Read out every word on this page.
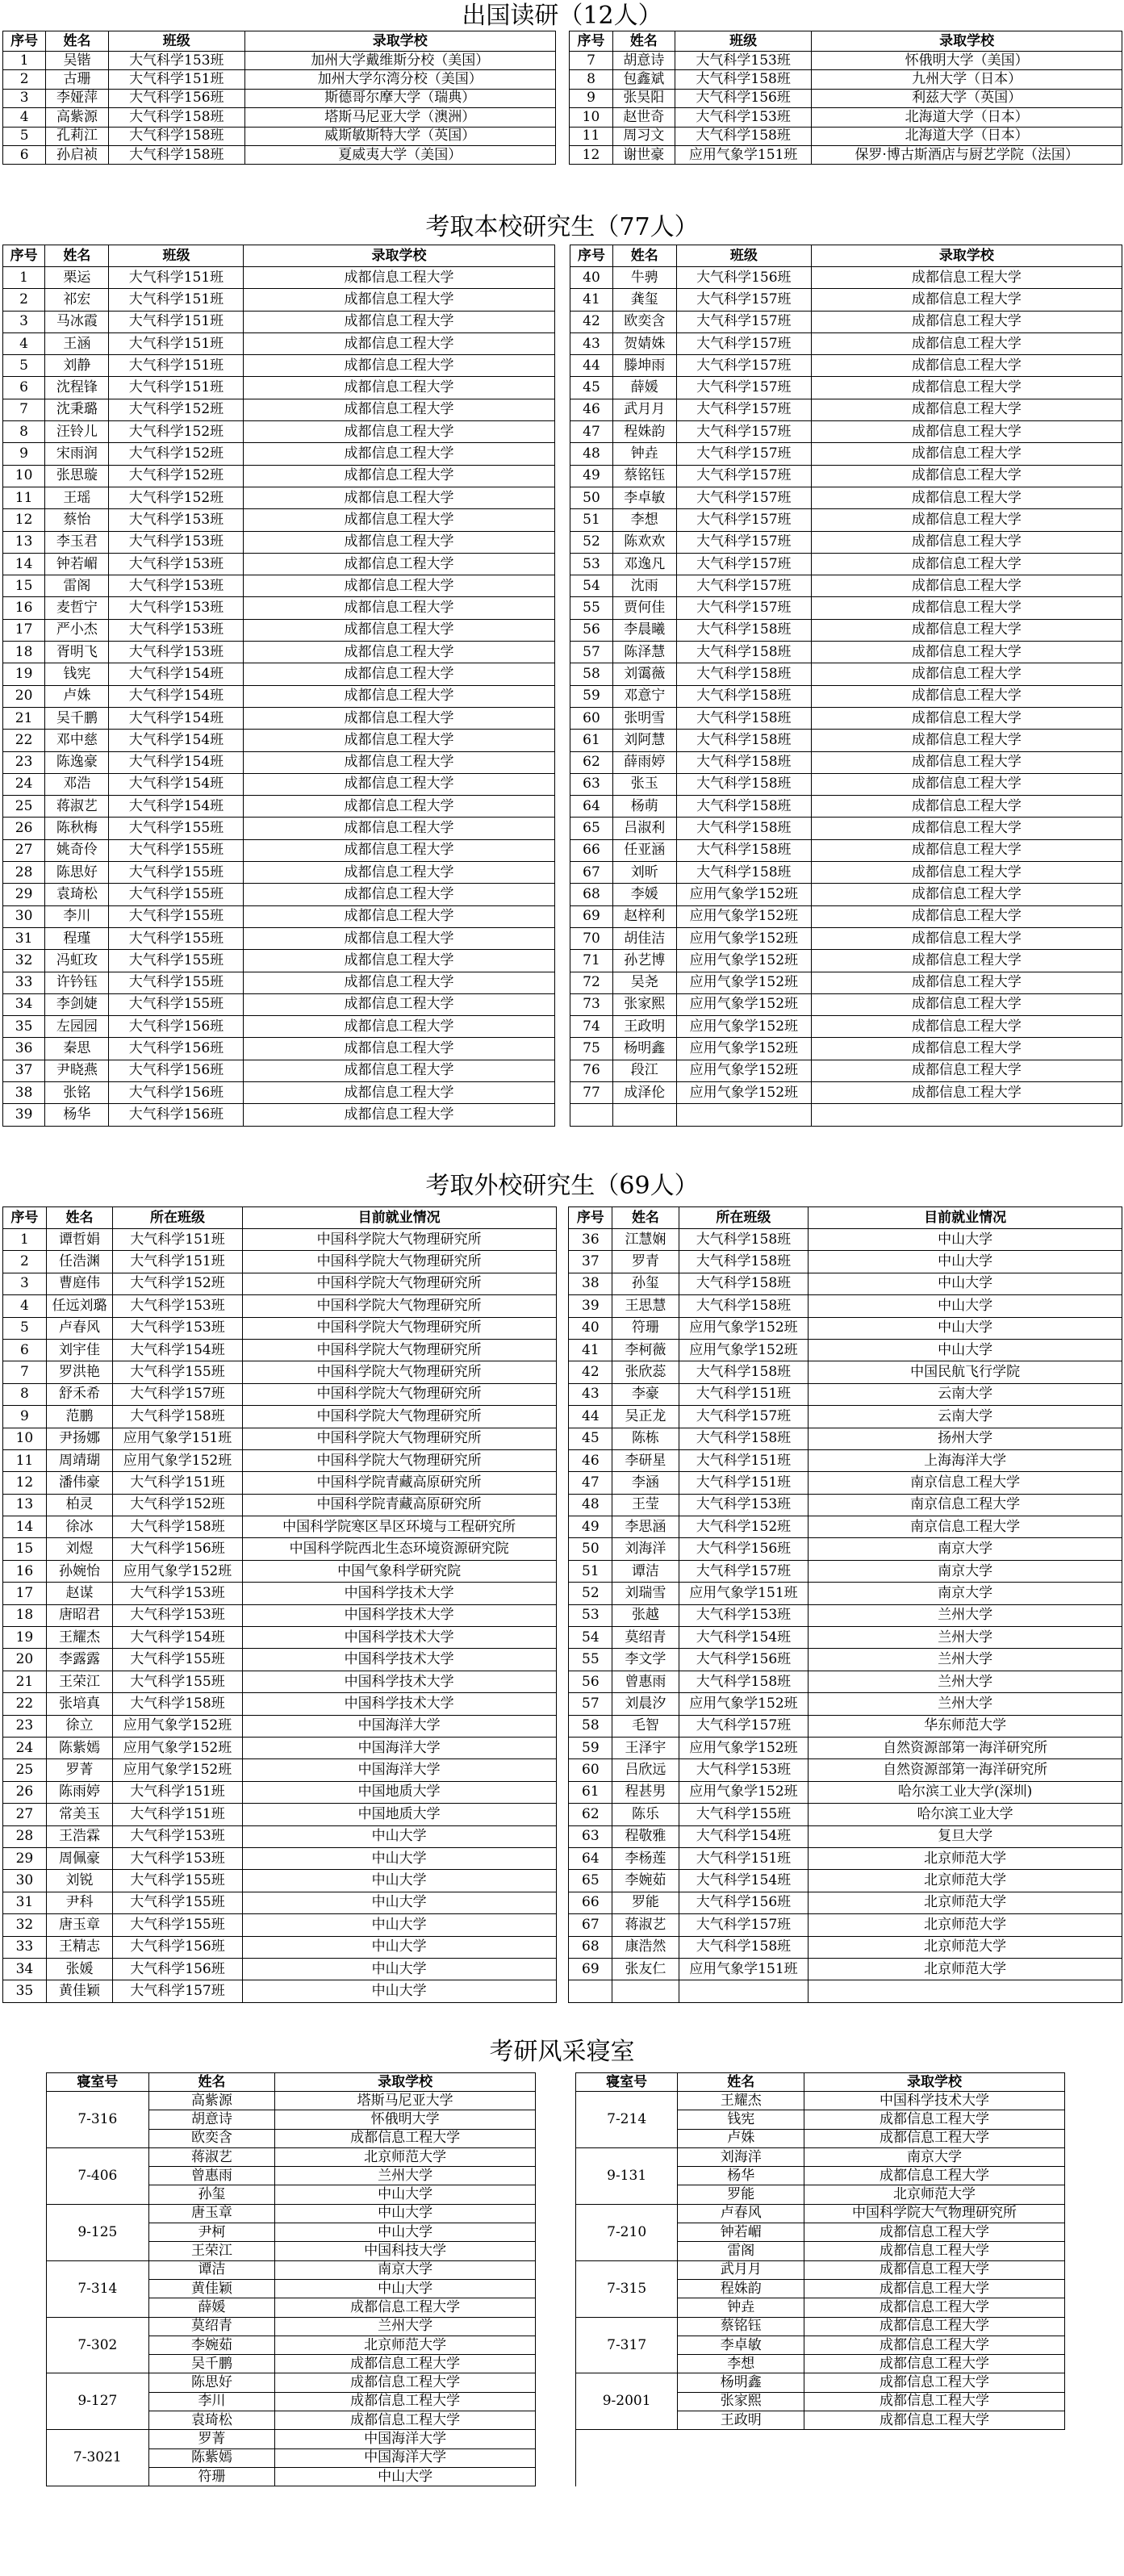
出国读研（12人）
序号	姓名	班级	录取学校		序号	姓名	班级	录取学校
1	吴锴	大气科学153班	加州大学戴维斯分校（美国）		7	胡意诗	大气科学153班	怀俄明大学（美国）
2	古珊	大气科学151班	加州大学尔湾分校（美国）		8	包鑫斌	大气科学158班	九州大学（日本）
3	李娅萍	大气科学156班	斯德哥尔摩大学（瑞典）		9	张昊阳	大气科学156班	利兹大学（英国）
4	高紫源	大气科学158班	塔斯马尼亚大学（澳洲）		10	赵世奇	大气科学153班	北海道大学（日本）
5	孔莉江	大气科学158班	威斯敏斯特大学（英国）		11	周习文	大气科学158班	北海道大学（日本）
6	孙启祯	大气科学158班	夏威夷大学（美国）		12	谢世豪	应用气象学151班	保罗·博古斯酒店与厨艺学院（法国）
考取本校研究生（77人）
序号	姓名	班级	录取学校		序号	姓名	班级	录取学校
1	栗运	大气科学151班	成都信息工程大学		40	牛骋	大气科学156班	成都信息工程大学
2	祁宏	大气科学151班	成都信息工程大学		41	龚玺	大气科学157班	成都信息工程大学
3	马冰霞	大气科学151班	成都信息工程大学		42	欧奕含	大气科学157班	成都信息工程大学
4	王涵	大气科学151班	成都信息工程大学		43	贺婧姝	大气科学157班	成都信息工程大学
5	刘静	大气科学151班	成都信息工程大学		44	滕坤雨	大气科学157班	成都信息工程大学
6	沈程锋	大气科学151班	成都信息工程大学		45	薛媛	大气科学157班	成都信息工程大学
7	沈秉璐	大气科学152班	成都信息工程大学		46	武月月	大气科学157班	成都信息工程大学
8	汪铃儿	大气科学152班	成都信息工程大学		47	程姝韵	大气科学157班	成都信息工程大学
9	宋雨润	大气科学152班	成都信息工程大学		48	钟垚	大气科学157班	成都信息工程大学
10	张思璇	大气科学152班	成都信息工程大学		49	蔡铭钰	大气科学157班	成都信息工程大学
11	王瑶	大气科学152班	成都信息工程大学		50	李卓敏	大气科学157班	成都信息工程大学
12	蔡怡	大气科学153班	成都信息工程大学		51	李想	大气科学157班	成都信息工程大学
13	李玉君	大气科学153班	成都信息工程大学		52	陈欢欢	大气科学157班	成都信息工程大学
14	钟若嵋	大气科学153班	成都信息工程大学		53	邓逸凡	大气科学157班	成都信息工程大学
15	雷阁	大气科学153班	成都信息工程大学		54	沈雨	大气科学157班	成都信息工程大学
16	麦哲宁	大气科学153班	成都信息工程大学		55	贾何佳	大气科学157班	成都信息工程大学
17	严小杰	大气科学153班	成都信息工程大学		56	李晨曦	大气科学158班	成都信息工程大学
18	胥明飞	大气科学153班	成都信息工程大学		57	陈泽慧	大气科学158班	成都信息工程大学
19	钱宪	大气科学154班	成都信息工程大学		58	刘霭薇	大气科学158班	成都信息工程大学
20	卢姝	大气科学154班	成都信息工程大学		59	邓意宁	大气科学158班	成都信息工程大学
21	吴千鹏	大气科学154班	成都信息工程大学		60	张明雪	大气科学158班	成都信息工程大学
22	邓中慈	大气科学154班	成都信息工程大学		61	刘阿慧	大气科学158班	成都信息工程大学
23	陈逸豪	大气科学154班	成都信息工程大学		62	薛雨婷	大气科学158班	成都信息工程大学
24	邓浩	大气科学154班	成都信息工程大学		63	张玉	大气科学158班	成都信息工程大学
25	蒋淑艺	大气科学154班	成都信息工程大学		64	杨萌	大气科学158班	成都信息工程大学
26	陈秋梅	大气科学155班	成都信息工程大学		65	吕淑利	大气科学158班	成都信息工程大学
27	姚奇伶	大气科学155班	成都信息工程大学		66	任亚涵	大气科学158班	成都信息工程大学
28	陈思好	大气科学155班	成都信息工程大学		67	刘昕	大气科学158班	成都信息工程大学
29	袁琦松	大气科学155班	成都信息工程大学		68	李媛	应用气象学152班	成都信息工程大学
30	李川	大气科学155班	成都信息工程大学		69	赵梓利	应用气象学152班	成都信息工程大学
31	程瑾	大气科学155班	成都信息工程大学		70	胡佳洁	应用气象学152班	成都信息工程大学
32	冯虹玫	大气科学155班	成都信息工程大学		71	孙艺博	应用气象学152班	成都信息工程大学
33	许钤钰	大气科学155班	成都信息工程大学		72	吴尧	应用气象学152班	成都信息工程大学
34	李剑婕	大气科学155班	成都信息工程大学		73	张家熙	应用气象学152班	成都信息工程大学
35	左园园	大气科学156班	成都信息工程大学		74	王政明	应用气象学152班	成都信息工程大学
36	秦思	大气科学156班	成都信息工程大学		75	杨明鑫	应用气象学152班	成都信息工程大学
37	尹晓燕	大气科学156班	成都信息工程大学		76	段江	应用气象学152班	成都信息工程大学
38	张铭	大气科学156班	成都信息工程大学		77	成泽伦	应用气象学152班	成都信息工程大学
39	杨华	大气科学156班	成都信息工程大学					
考取外校研究生（69人）
序号	姓名	所在班级	目前就业情况		序号	姓名	所在班级	目前就业情况
1	谭哲娟	大气科学151班	中国科学院大气物理研究所		36	江慧娴	大气科学158班	中山大学
2	任浩渊	大气科学151班	中国科学院大气物理研究所		37	罗青	大气科学158班	中山大学
3	曹庭伟	大气科学152班	中国科学院大气物理研究所		38	孙玺	大气科学158班	中山大学
4	任远刘璐	大气科学153班	中国科学院大气物理研究所		39	王思慧	大气科学158班	中山大学
5	卢春风	大气科学153班	中国科学院大气物理研究所		40	符珊	应用气象学152班	中山大学
6	刘宇佳	大气科学154班	中国科学院大气物理研究所		41	李柯薇	应用气象学152班	中山大学
7	罗洪艳	大气科学155班	中国科学院大气物理研究所		42	张欣蕊	大气科学158班	中国民航飞行学院
8	舒禾希	大气科学157班	中国科学院大气物理研究所		43	李豪	大气科学151班	云南大学
9	范鹏	大气科学158班	中国科学院大气物理研究所		44	吴正龙	大气科学157班	云南大学
10	尹扬娜	应用气象学151班	中国科学院大气物理研究所		45	陈栋	大气科学158班	扬州大学
11	周靖瑚	应用气象学152班	中国科学院大气物理研究所		46	李研星	大气科学151班	上海海洋大学
12	潘伟豪	大气科学151班	中国科学院青藏高原研究所		47	李涵	大气科学151班	南京信息工程大学
13	柏灵	大气科学152班	中国科学院青藏高原研究所		48	王莹	大气科学153班	南京信息工程大学
14	徐冰	大气科学158班	中国科学院寒区旱区环境与工程研究所		49	李思涵	大气科学152班	南京信息工程大学
15	刘煜	大气科学156班	中国科学院西北生态环境资源研究院		50	刘海洋	大气科学156班	南京大学
16	孙婉怡	应用气象学152班	中国气象科学研究院		51	谭洁	大气科学157班	南京大学
17	赵谋	大气科学153班	中国科学技术大学		52	刘瑞雪	应用气象学151班	南京大学
18	唐昭君	大气科学153班	中国科学技术大学		53	张越	大气科学153班	兰州大学
19	王耀杰	大气科学154班	中国科学技术大学		54	莫绍青	大气科学154班	兰州大学
20	李露露	大气科学155班	中国科学技术大学		55	李文学	大气科学156班	兰州大学
21	王荣江	大气科学155班	中国科学技术大学		56	曾惠雨	大气科学158班	兰州大学
22	张培真	大气科学158班	中国科学技术大学		57	刘晨汐	应用气象学152班	兰州大学
23	徐立	应用气象学152班	中国海洋大学		58	毛智	大气科学157班	华东师范大学
24	陈紫嫣	应用气象学152班	中国海洋大学		59	王泽宇	应用气象学152班	自然资源部第一海洋研究所
25	罗菁	应用气象学152班	中国海洋大学		60	吕欣远	大气科学153班	自然资源部第一海洋研究所
26	陈雨婷	大气科学151班	中国地质大学		61	程甚男	应用气象学152班	哈尔滨工业大学(深圳)
27	常美玉	大气科学151班	中国地质大学		62	陈乐	大气科学155班	哈尔滨工业大学
28	王浩霖	大气科学153班	中山大学		63	程敬雅	大气科学154班	复旦大学
29	周佩豪	大气科学153班	中山大学		64	李杨莲	大气科学151班	北京师范大学
30	刘锐	大气科学155班	中山大学		65	李婉茹	大气科学154班	北京师范大学
31	尹科	大气科学155班	中山大学		66	罗能	大气科学156班	北京师范大学
32	唐玉章	大气科学155班	中山大学		67	蒋淑艺	大气科学157班	北京师范大学
33	王精志	大气科学156班	中山大学		68	康浩然	大气科学158班	北京师范大学
34	张媛	大气科学156班	中山大学		69	张友仁	应用气象学151班	北京师范大学
35	黄佳颖	大气科学157班	中山大学					
考研风采寝室
寝室号	姓名	录取学校		寝室号	姓名	录取学校
7-316	高紫源	塔斯马尼亚大学		7-214	王耀杰	中国科学技术大学
	胡意诗	怀俄明大学			钱宪	成都信息工程大学
	欧奕含	成都信息工程大学			卢姝	成都信息工程大学
7-406	蒋淑艺	北京师范大学		9-131	刘海洋	南京大学
	曾惠雨	兰州大学			杨华	成都信息工程大学
	孙玺	中山大学			罗能	北京师范大学
9-125	唐玉章	中山大学		7-210	卢春风	中国科学院大气物理研究所
	尹柯	中山大学			钟若嵋	成都信息工程大学
	王荣江	中国科技大学			雷阁	成都信息工程大学
7-314	谭洁	南京大学		7-315	武月月	成都信息工程大学
	黄佳颖	中山大学			程姝韵	成都信息工程大学
	薛媛	成都信息工程大学			钟垚	成都信息工程大学
7-302	莫绍青	兰州大学		7-317	蔡铭钰	成都信息工程大学
	李婉茹	北京师范大学			李卓敏	成都信息工程大学
	吴千鹏	成都信息工程大学			李想	成都信息工程大学
9-127	陈思好	成都信息工程大学		9-2001	杨明鑫	成都信息工程大学
	李川	成都信息工程大学			张家熙	成都信息工程大学
	袁琦松	成都信息工程大学			王政明	成都信息工程大学
7-3021	罗菁	中国海洋大学				
	陈紫嫣	中国海洋大学				
	符珊	中山大学				
